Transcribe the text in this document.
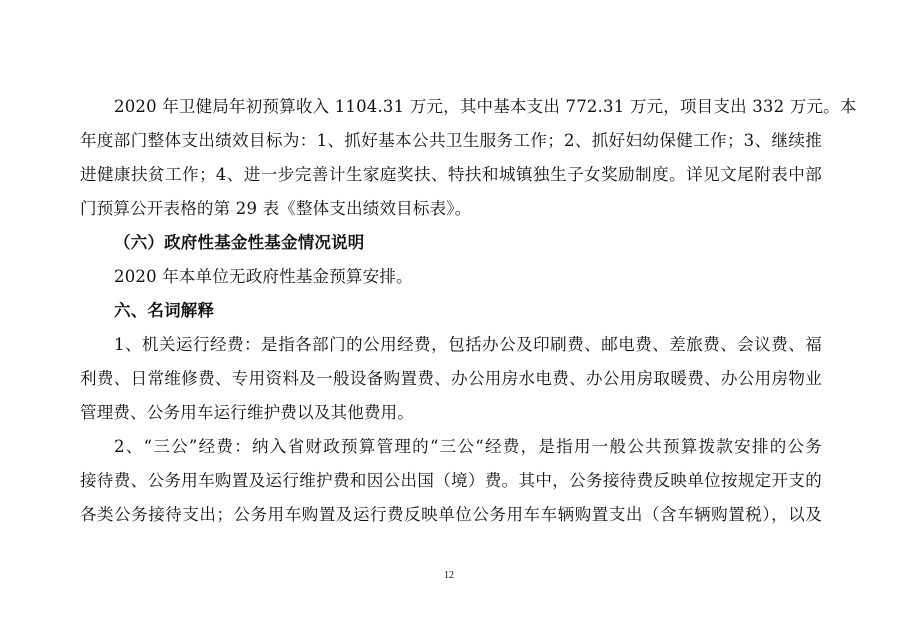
2020 年卫健局年初预算收入 1104.31 万元，其中基本支出 772.31 万元，项目支出 332 万元。本
年度部门整体支出绩效目标为：1、抓好基本公共卫生服务工作；2、抓好妇幼保健工作；3、继续推
进健康扶贫工作；4、进一步完善计生家庭奖扶、特扶和城镇独生子女奖励制度。详见文尾附表中部
门预算公开表格的第 29 表《整体支出绩效目标表》。
（六）政府性基金性基金情况说明
2020 年本单位无政府性基金预算安排。
六、名词解释
1、机关运行经费：是指各部门的公用经费，包括办公及印刷费、邮电费、差旅费、会议费、福
利费、日常维修费、专用资料及一般设备购置费、办公用房水电费、办公用房取暖费、办公用房物业
管理费、公务用车运行维护费以及其他费用。
2、“三公”经费：纳入省财政预算管理的“三公“经费，是指用一般公共预算拨款安排的公务
接待费、公务用车购置及运行维护费和因公出国（境）费。其中，公务接待费反映单位按规定开支的
各类公务接待支出；公务用车购置及运行费反映单位公务用车车辆购置支出（含车辆购置税），以及
12
